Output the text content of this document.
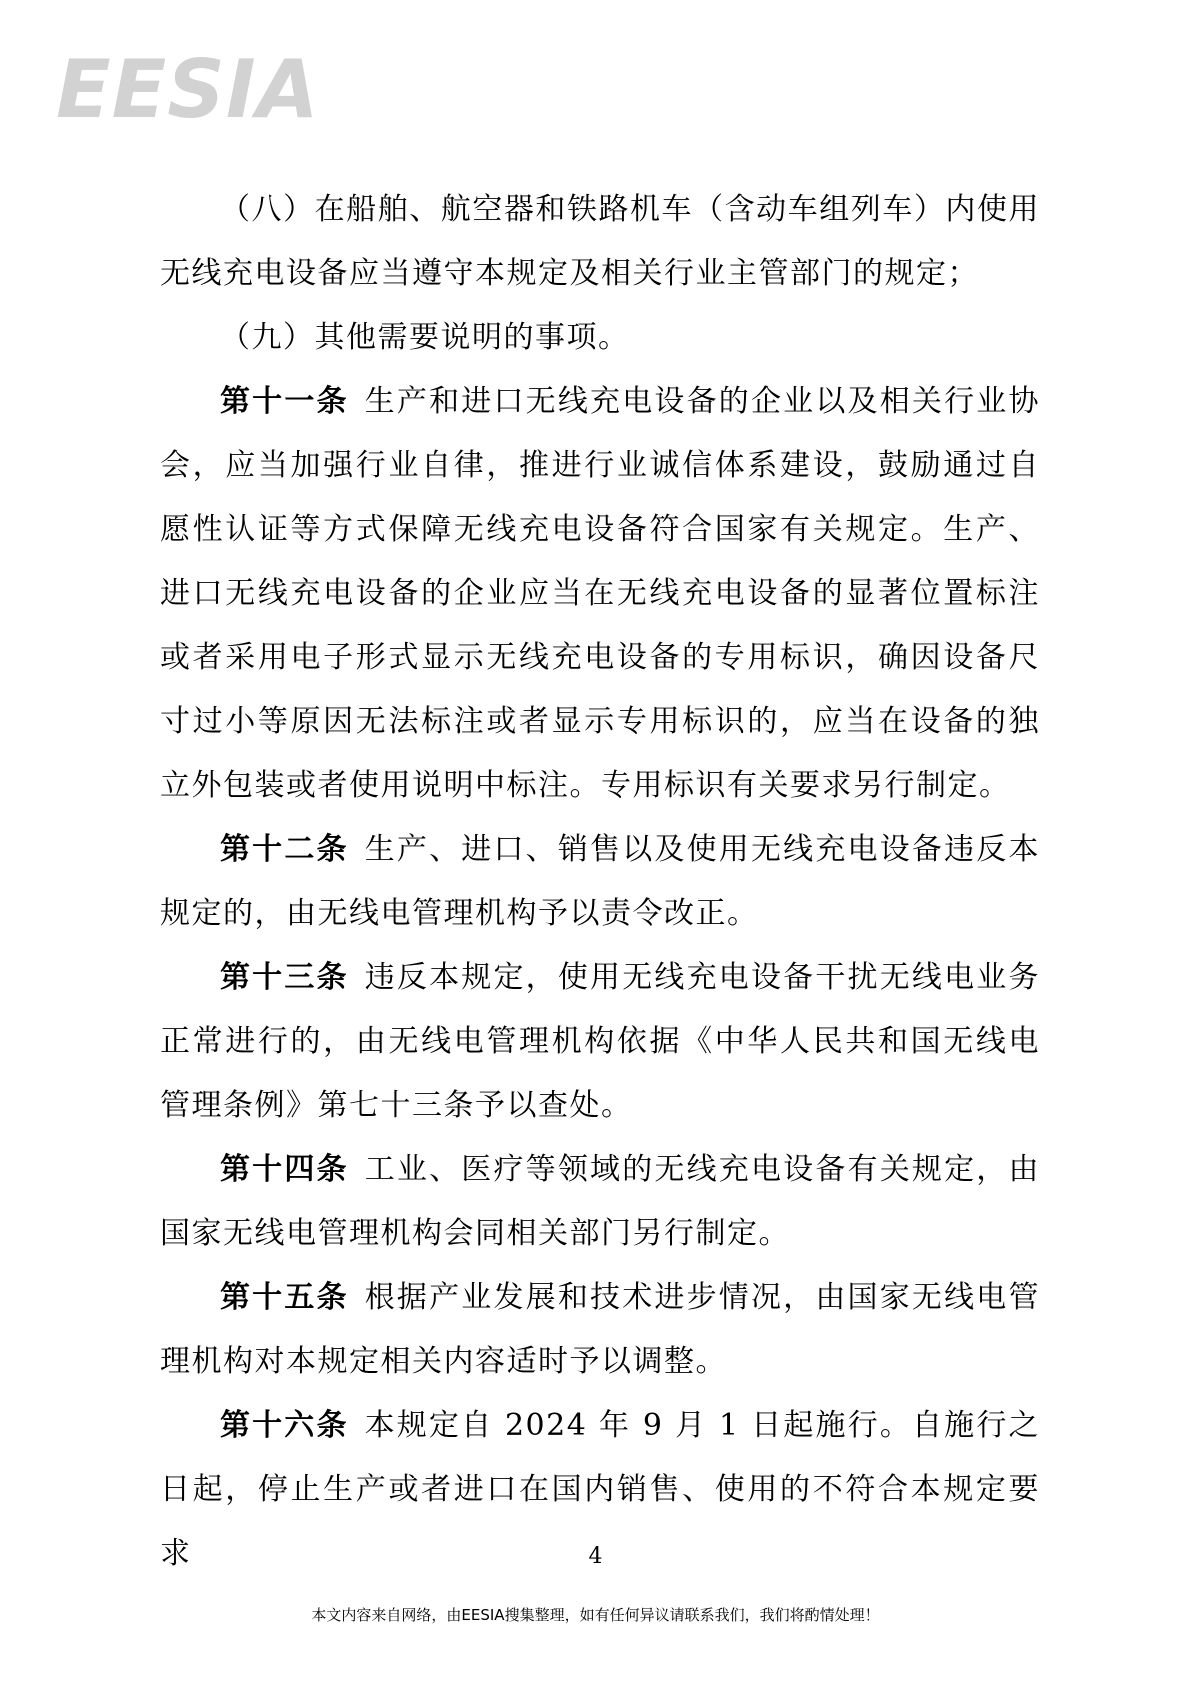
EESIA

（八）在船舶、航空器和铁路机车（含动车组列车）内使用无线充电设备应当遵守本规定及相关行业主管部门的规定；

（九）其他需要说明的事项。

第十一条 生产和进口无线充电设备的企业以及相关行业协会，应当加强行业自律，推进行业诚信体系建设，鼓励通过自愿性认证等方式保障无线充电设备符合国家有关规定。生产、进口无线充电设备的企业应当在无线充电设备的显著位置标注或者采用电子形式显示无线充电设备的专用标识，确因设备尺寸过小等原因无法标注或者显示专用标识的，应当在设备的独立外包装或者使用说明中标注。专用标识有关要求另行制定。

第十二条 生产、进口、销售以及使用无线充电设备违反本规定的，由无线电管理机构予以责令改正。

第十三条 违反本规定，使用无线充电设备干扰无线电业务正常进行的，由无线电管理机构依据《中华人民共和国无线电管理条例》第七十三条予以查处。

第十四条 工业、医疗等领域的无线充电设备有关规定，由国家无线电管理机构会同相关部门另行制定。

第十五条 根据产业发展和技术进步情况，由国家无线电管理机构对本规定相关内容适时予以调整。

第十六条 本规定自 2024 年 9 月 1 日起施行。自施行之日起，停止生产或者进口在国内销售、使用的不符合本规定要求	4
本文内容来自网络，由EESIA搜集整理，如有任何异议请联系我们，我们将酌情处理！
